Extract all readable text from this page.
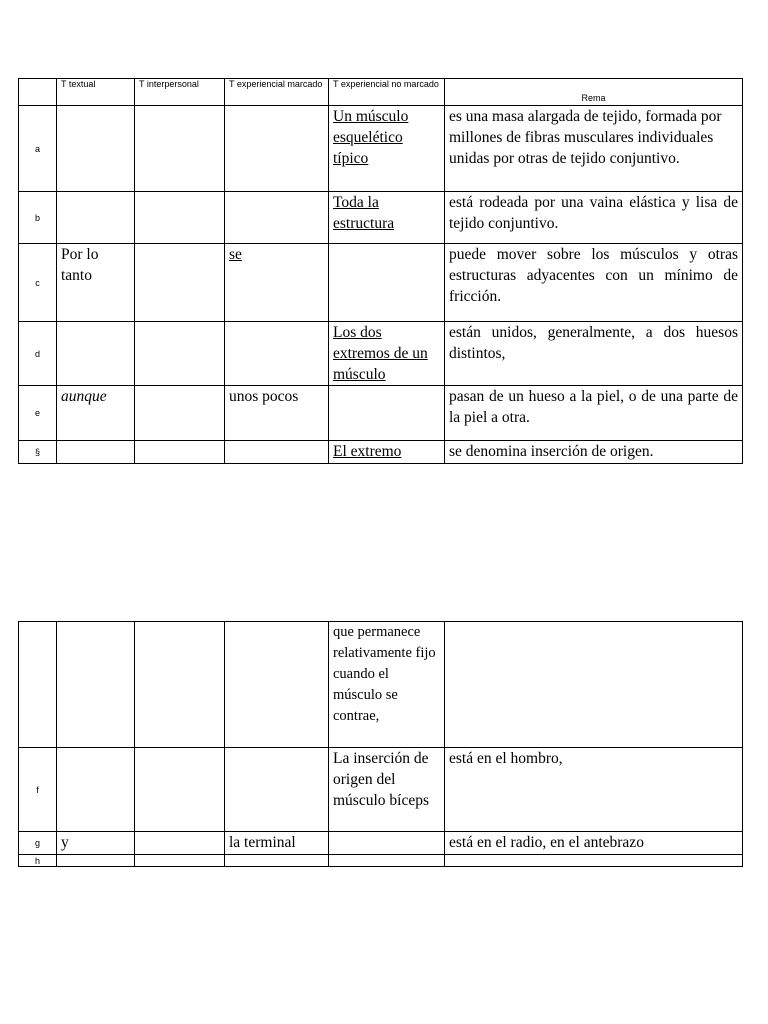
	T textual	T interpersonal	T experiencial marcado	T experiencial no marcado	Rema
a				Un músculo esquelético típico	es una masa alargada de tejido, formada por millones de fibras musculares individuales unidas por otras de tejido conjuntivo.
b				Toda la estructura	está rodeada por una vaina elástica y lisa de tejido conjuntivo.
c	Por lo tanto		se		puede mover sobre los músculos y otras estructuras adyacentes con un mínimo de fricción.
d				Los dos extremos de un músculo	están unidos, generalmente, a dos huesos distintos,
e	aunque		unos pocos		pasan de un hueso a la piel, o de una parte de la piel a otra.
§				El extremo	se denomina inserción de origen.
				que permanece relativamente fijo cuando el músculo se contrae,	
f				La inserción de origen del músculo bíceps	está en el hombro,
g	y		la terminal		está en el radio, en el antebrazo
h					
